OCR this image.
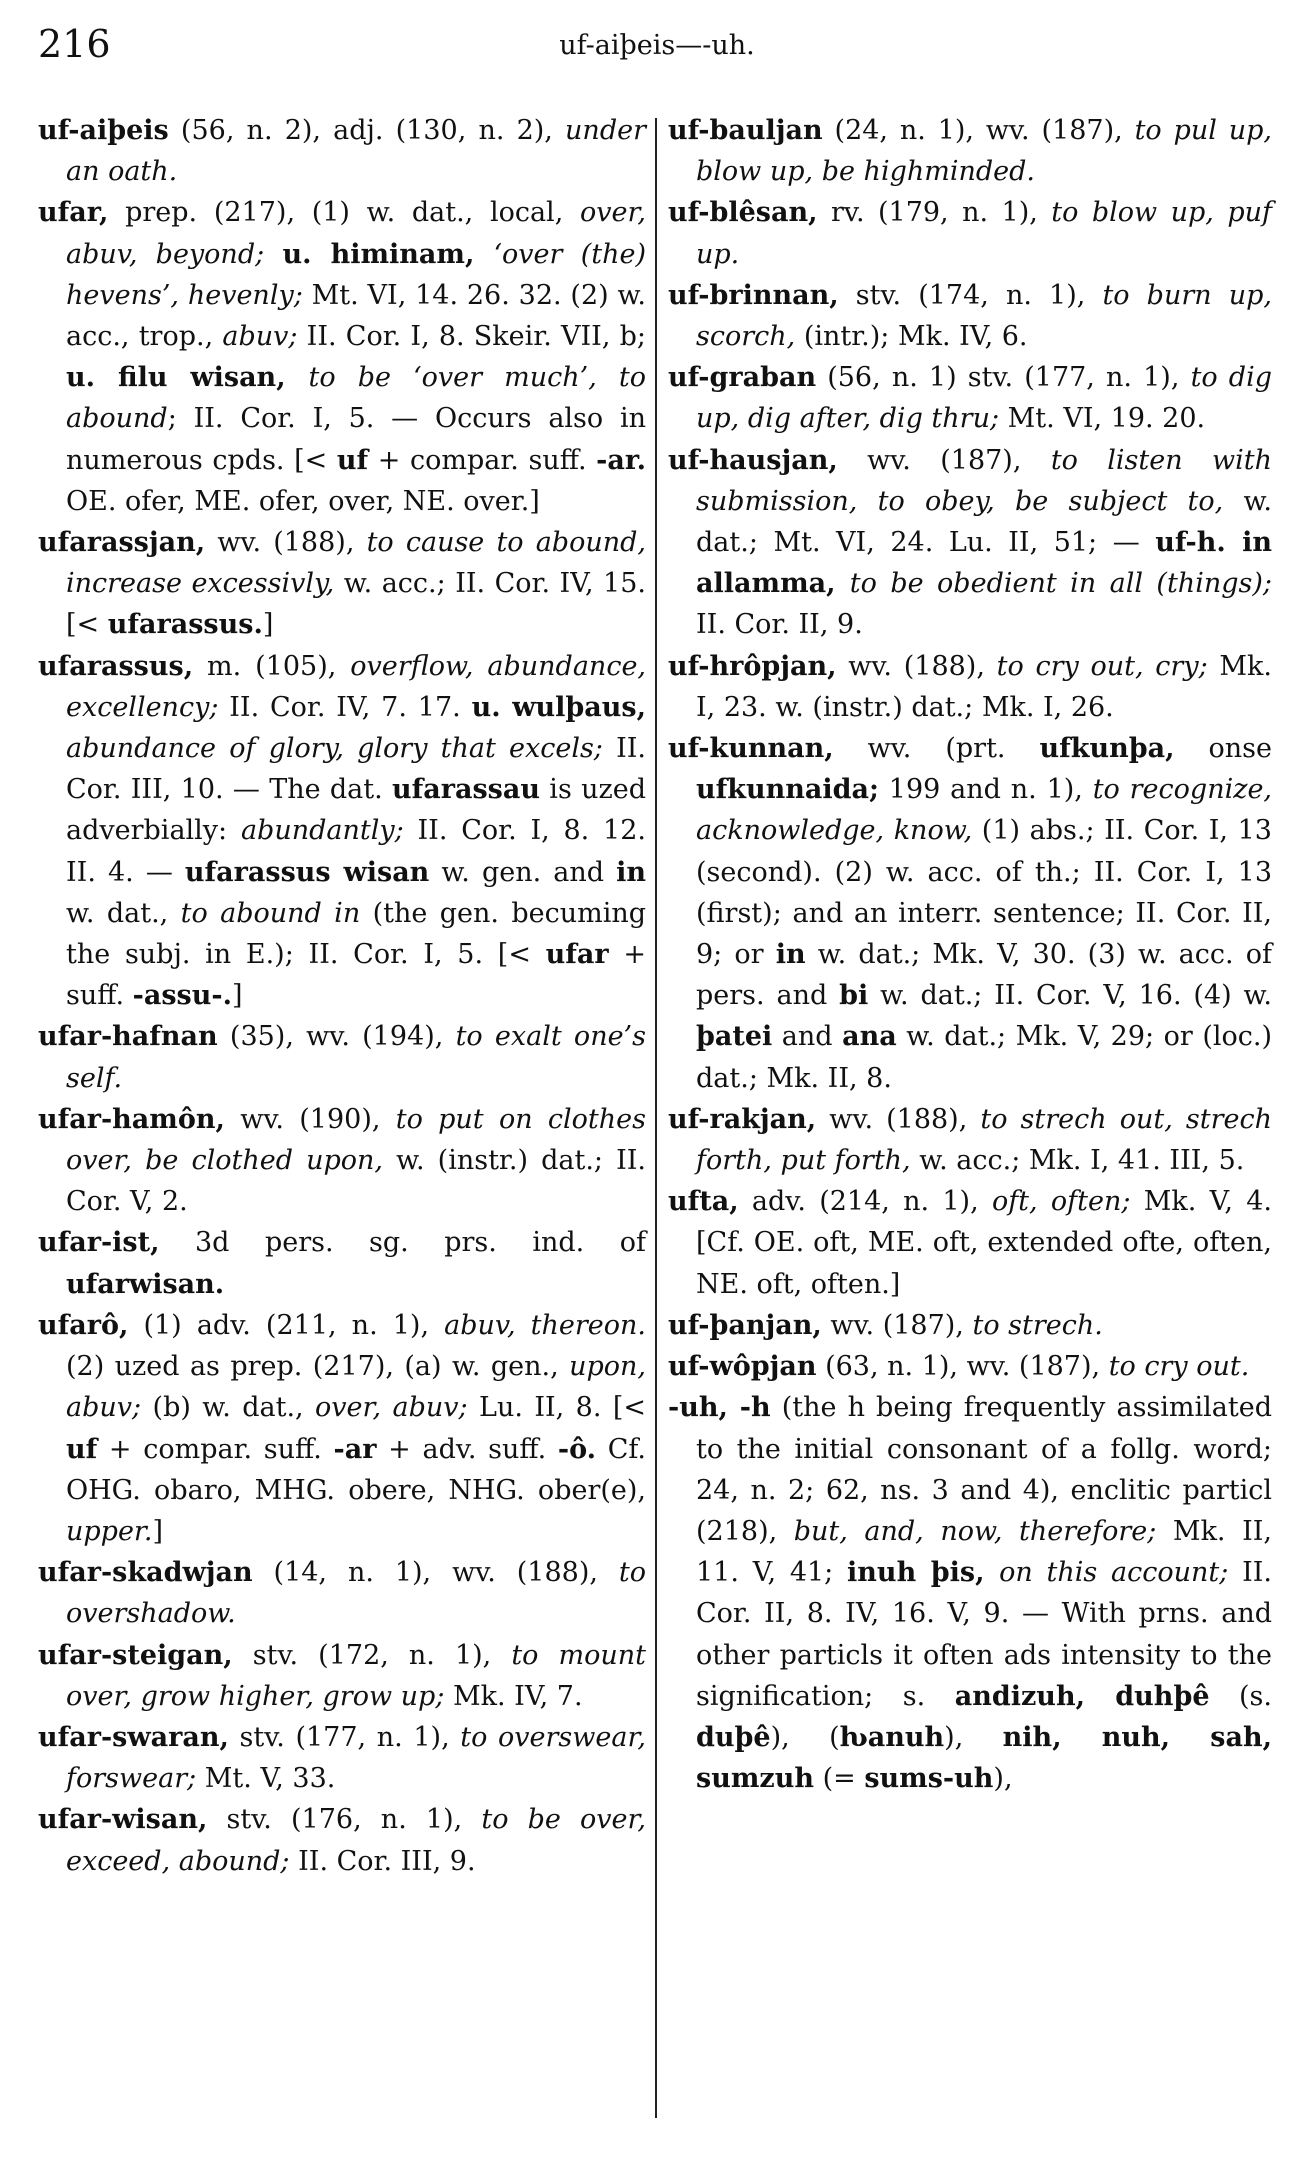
216	uf-aiþeis—-uh.

uf-aiþeis (56, n. 2), adj. (130, n. 2), under an oath.

ufar, prep. (217), (1) w. dat., local, over, abuv, beyond; u. himinam, ‘over (the) hevens’, hevenly; Mt. VI, 14. 26. 32. (2) w. acc., trop., abuv; II. Cor. I, 8. Skeir. VII, b; u. filu wisan, to be ‘over much’, to abound; II. Cor. I, 5. — Occurs also in numerous cpds. [< uf + compar. suff. -ar. OE. ofer, ME. ofer, over, NE. over.]

ufarassjan, wv. (188), to cause to abound, increase excessivly, w. acc.; II. Cor. IV, 15. [< ufarassus.]

ufarassus, m. (105), overflow, abundance, excellency; II. Cor. IV, 7. 17. u. wulþaus, abundance of glory, glory that excels; II. Cor. III, 10. — The dat. ufarassau is uzed adverbially: abundantly; II. Cor. I, 8. 12. II. 4. — ufarassus wisan w. gen. and in w. dat., to abound in (the gen. becuming the subj. in E.); II. Cor. I, 5. [< ufar + suff. -assu-.]

ufar-hafnan (35), wv. (194), to exalt one’s self.

ufar-hamôn, wv. (190), to put on clothes over, be clothed upon, w. (instr.) dat.; II. Cor. V, 2.

ufar-ist, 3d pers. sg. prs. ind. of ufarwisan.

ufarô, (1) adv. (211, n. 1), abuv, thereon. (2) uzed as prep. (217), (a) w. gen., upon, abuv; (b) w. dat., over, abuv; Lu. II, 8. [< uf + compar. suff. -ar + adv. suff. -ô. Cf. OHG. obaro, MHG. obere, NHG. ober(e), upper.]

ufar-skadwjan (14, n. 1), wv. (188), to overshadow.

ufar-steigan, stv. (172, n. 1), to mount over, grow higher, grow up; Mk. IV, 7.

ufar-swaran, stv. (177, n. 1), to overswear, forswear; Mt. V, 33.

ufar-wisan, stv. (176, n. 1), to be over, exceed, abound; II. Cor. III, 9.

uf-bauljan (24, n. 1), wv. (187), to pul up, blow up, be highminded.

uf-blêsan, rv. (179, n. 1), to blow up, puf up.

uf-brinnan, stv. (174, n. 1), to burn up, scorch, (intr.); Mk. IV, 6.

uf-graban (56, n. 1) stv. (177, n. 1), to dig up, dig after, dig thru; Mt. VI, 19. 20.

uf-hausjan, wv. (187), to listen with submission, to obey, be subject to, w. dat.; Mt. VI, 24. Lu. II, 51; — uf-h. in allamma, to be obedient in all (things); II. Cor. II, 9.

uf-hrôpjan, wv. (188), to cry out, cry; Mk. I, 23. w. (instr.) dat.; Mk. I, 26.

uf-kunnan, wv. (prt. ufkunþa, onse ufkunnaida; 199 and n. 1), to recognize, acknowledge, know, (1) abs.; II. Cor. I, 13 (second). (2) w. acc. of th.; II. Cor. I, 13 (first); and an interr. sentence; II. Cor. II, 9; or in w. dat.; Mk. V, 30. (3) w. acc. of pers. and bi w. dat.; II. Cor. V, 16. (4) w. þatei and ana w. dat.; Mk. V, 29; or (loc.) dat.; Mk. II, 8.

uf-rakjan, wv. (188), to strech out, strech forth, put forth, w. acc.; Mk. I, 41. III, 5.

ufta, adv. (214, n. 1), oft, often; Mk. V, 4. [Cf. OE. oft, ME. oft, extended ofte, often, NE. oft, often.]

uf-þanjan, wv. (187), to strech.

uf-wôpjan (63, n. 1), wv. (187), to cry out.

-uh, -h (the h being frequently assimilated to the initial consonant of a follg. word; 24, n. 2; 62, ns. 3 and 4), enclitic particl (218), but, and, now, therefore; Mk. II, 11. V, 41; inuh þis, on this account; II. Cor. II, 8. IV, 16. V, 9. — With prns. and other particls it often ads intensity to the signification; s. andizuh, duhþê (s. duþê), (ƕanuh), nih, nuh, sah, sumzuh (= sums-uh),
